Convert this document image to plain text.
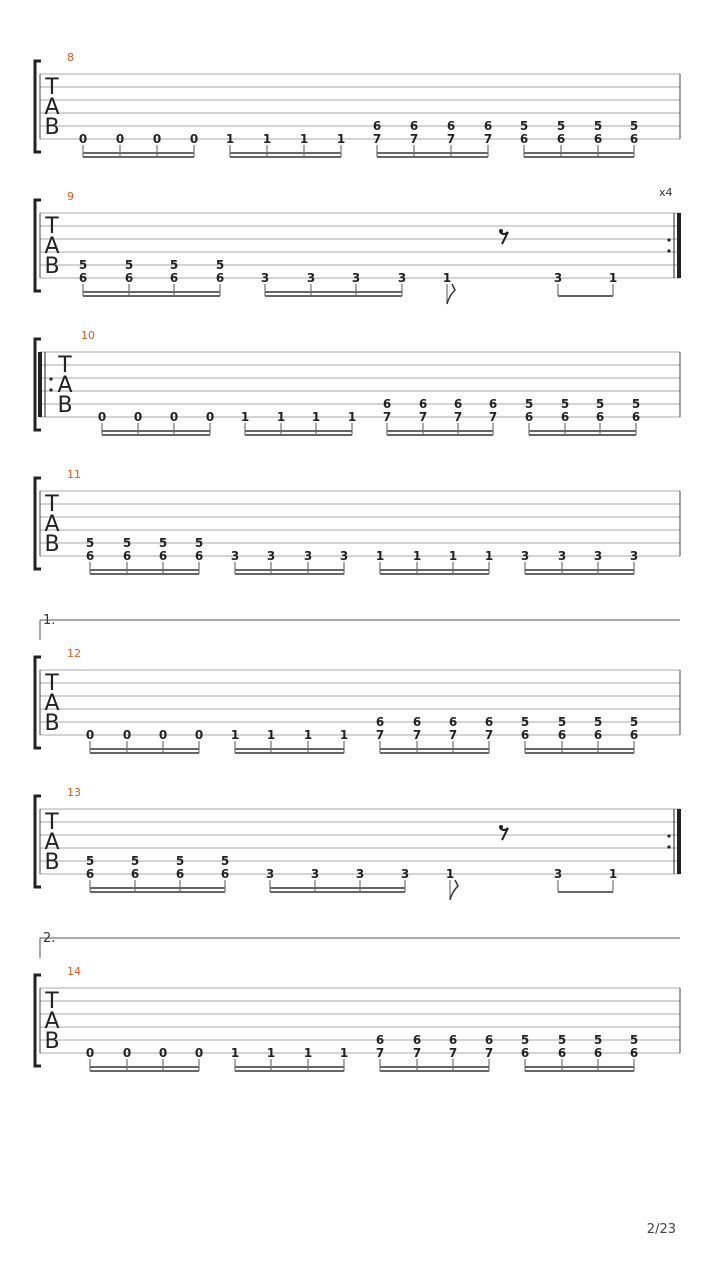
8
T
A
B 0 0 0 0 1 1 1 1
6
7
6
7
6
7
6
7
5
6
5
6
5
6
5
6
9	x4
T
A
B 5
6
5
6
5
6
5
6	3	3	3	3	1	3	1
10
T
A
B 0 0 0 0 1 1 1 1
6
7
6
7
6
7
6
7
5
6
5
6
5
6
5
6
11
T
A
B 5
6
5
6
5
6
5
6 3 3 3 3 1 1 1 1 3 3 3 3
1.
12
T
A
B 0 0 0 0 1 1 1 1
6
7
6
7
6
7
6
7
5
6
5
6
5
6
5
6
13
T
A
B 5
6
5
6
5
6
5
6	3	3	3	3	1	3	1
2.
14
T
A
B 0 0 0 0 1 1 1 1
6
7
6
7
6
7
6
7
5
6
5
6
5
6
5
6
2/23
